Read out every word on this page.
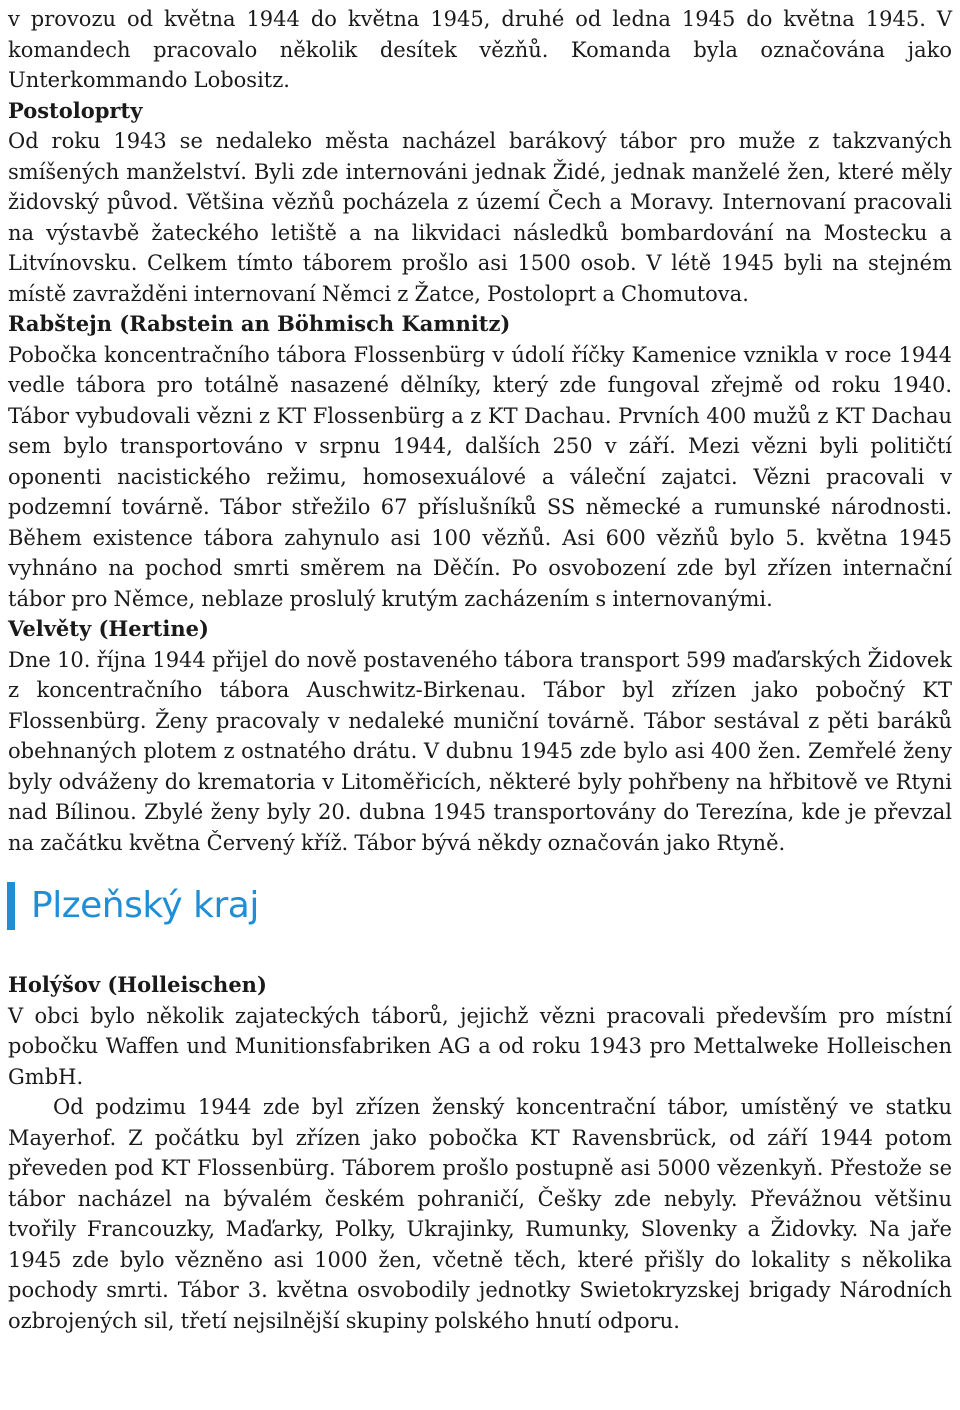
v provozu od května 1944 do května 1945, druhé od ledna 1945 do května 1945. V komandech pracovalo několik desítek vězňů. Komanda byla označována jako Unterkommando Lobositz.

Postoloprty

Od roku 1943 se nedaleko města nacházel barákový tábor pro muže z takzvaných smíšených manželství. Byli zde internováni jednak Židé, jednak manželé žen, které měly židovský původ. Většina vězňů pocházela z území Čech a Moravy. Internovaní pracovali na výstavbě žateckého letiště a na likvidaci následků bombardování na Mostecku a Litvínovsku. Celkem tímto táborem prošlo asi 1500 osob. V létě 1945 byli na stejném místě zavražděni internovaní Němci z Žatce, Postoloprt a Chomutova.

Rabštejn (Rabstein an Böhmisch Kamnitz)

Pobočka koncentračního tábora Flossenbürg v údolí říčky Kamenice vznikla v roce 1944 vedle tábora pro totálně nasazené dělníky, který zde fungoval zřejmě od roku 1940. Tábor vybudovali vězni z KT Flossenbürg a z KT Dachau. Prvních 400 mužů z KT Dachau sem bylo transportováno v srpnu 1944, dalších 250 v září. Mezi vězni byli političtí oponenti nacistického režimu, homosexuálové a váleční zajatci. Vězni pracovali v podzemní továrně. Tábor střežilo 67 příslušníků SS německé a rumunské národnosti. Během existence tábora zahynulo asi 100 vězňů. Asi 600 vězňů bylo 5. května 1945 vyhnáno na pochod smrti směrem na Děčín. Po osvobození zde byl zřízen internační tábor pro Němce, neblaze proslulý krutým zacházením s internovanými.

Velvěty (Hertine)

Dne 10. října 1944 přijel do nově postaveného tábora transport 599 maďarských Židovek z koncentračního tábora Auschwitz-Birkenau. Tábor byl zřízen jako pobočný KT Flossenbürg. Ženy pracovaly v nedaleké muniční továrně. Tábor sestával z pěti baráků obehnaných plotem z ostnatého drátu. V dubnu 1945 zde bylo asi 400 žen. Zemřelé ženy byly odváženy do krematoria v Litoměřicích, některé byly pohřbeny na hřbitově ve Rtyni nad Bílinou. Zbylé ženy byly 20. dubna 1945 transportovány do Terezína, kde je převzal na začátku května Červený kříž. Tábor bývá někdy označován jako Rtyně.

Plzeňský kraj

Holýšov (Holleischen)

V obci bylo několik zajateckých táborů, jejichž vězni pracovali především pro místní pobočku Waffen und Munitionsfabriken AG a od roku 1943 pro Mettalweke Holleischen GmbH.

Od podzimu 1944 zde byl zřízen ženský koncentrační tábor, umístěný ve statku Mayerhof. Z počátku byl zřízen jako pobočka KT Ravensbrück, od září 1944 potom převeden pod KT Flossenbürg. Táborem prošlo postupně asi 5000 vězenkyň. Přestože se tábor nacházel na bývalém českém pohraničí, Češky zde nebyly. Převážnou většinu tvořily Francouzky, Maďarky, Polky, Ukrajinky, Rumunky, Slovenky a Židovky. Na jaře 1945 zde bylo vězněno asi 1000 žen, včetně těch, které přišly do lokality s několika pochody smrti. Tábor 3. května osvobodily jednotky Swietokryzskej brigady Národních ozbrojených sil, třetí nejsilnější skupiny polského hnutí odporu.
